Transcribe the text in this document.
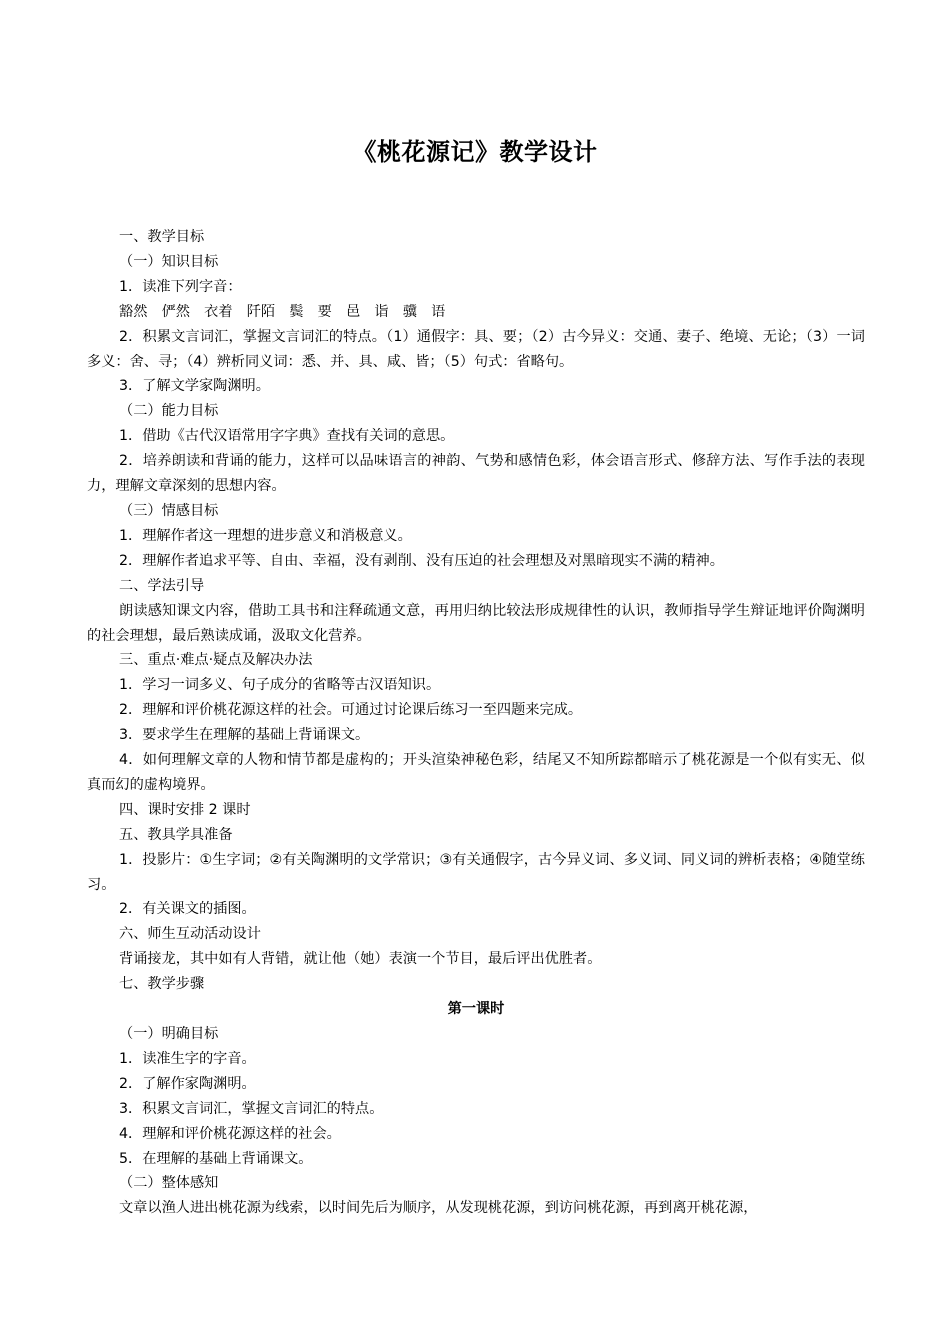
《桃花源记》教学设计

一、教学目标

（一）知识目标

1．读准下列字音：

豁然　俨然　衣着　阡陌　鬓　要　邑　诣　骥　语

2．积累文言词汇，掌握文言词汇的特点。（1）通假字：具、要；（2）古今异义：交通、妻子、绝境、无论；（3）一词多义：舍、寻；（4）辨析同义词：悉、并、具、咸、皆；（5）句式：省略句。

3．了解文学家陶渊明。

（二）能力目标

1．借助《古代汉语常用字字典》查找有关词的意思。

2．培养朗读和背诵的能力，这样可以品味语言的神韵、气势和感情色彩，体会语言形式、修辞方法、写作手法的表现力，理解文章深刻的思想内容。

（三）情感目标

1．理解作者这一理想的进步意义和消极意义。

2．理解作者追求平等、自由、幸福，没有剥削、没有压迫的社会理想及对黑暗现实不满的精神。

二、学法引导

朗读感知课文内容，借助工具书和注释疏通文意，再用归纳比较法形成规律性的认识，教师指导学生辩证地评价陶渊明的社会理想，最后熟读成诵，汲取文化营养。

三、重点·难点·疑点及解决办法

1．学习一词多义、句子成分的省略等古汉语知识。

2．理解和评价桃花源这样的社会。可通过讨论课后练习一至四题来完成。

3．要求学生在理解的基础上背诵课文。

4．如何理解文章的人物和情节都是虚构的；开头渲染神秘色彩，结尾又不知所踪都暗示了桃花源是一个似有实无、似真而幻的虚构境界。

四、课时安排 2 课时

五、教具学具准备

1．投影片：①生字词；②有关陶渊明的文学常识；③有关通假字，古今异义词、多义词、同义词的辨析表格；④随堂练习。

2．有关课文的插图。

六、师生互动活动设计

背诵接龙，其中如有人背错，就让他（她）表演一个节目，最后评出优胜者。

七、教学步骤

第一课时

（一）明确目标

1．读准生字的字音。

2．了解作家陶渊明。

3．积累文言词汇，掌握文言词汇的特点。

4．理解和评价桃花源这样的社会。

5．在理解的基础上背诵课文。

（二）整体感知

文章以渔人进出桃花源为线索，以时间先后为顺序，从发现桃花源，到访问桃花源，再到离开桃花源，
